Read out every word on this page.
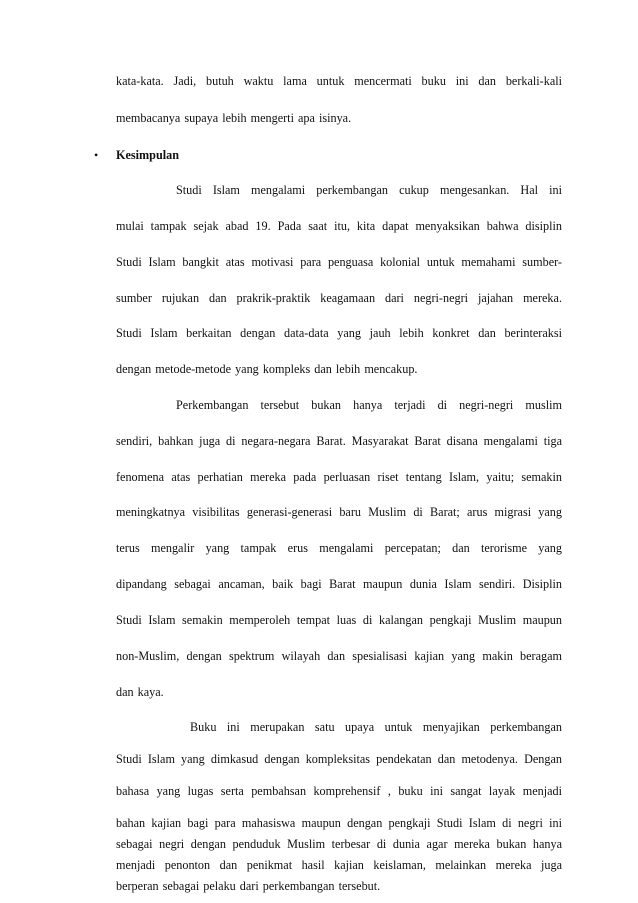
kata-kata. Jadi, butuh waktu lama untuk mencermati buku ini dan berkali-kali
membacanya supaya lebih mengerti apa isinya.
• Kesimpulan
Studi Islam mengalami perkembangan cukup mengesankan. Hal ini
mulai tampak sejak abad 19. Pada saat itu, kita dapat menyaksikan bahwa disiplin
Studi Islam bangkit atas motivasi para penguasa kolonial untuk memahami sumber-
sumber rujukan dan prakrik-praktik keagamaan dari negri-negri jajahan mereka.
Studi Islam berkaitan dengan data-data yang jauh lebih konkret dan berinteraksi
dengan metode-metode yang kompleks dan lebih mencakup.
Perkembangan tersebut bukan hanya terjadi di negri-negri muslim
sendiri, bahkan juga di negara-negara Barat. Masyarakat Barat disana mengalami tiga
fenomena atas perhatian mereka pada perluasan riset tentang Islam, yaitu; semakin
meningkatnya visibilitas generasi-generasi baru Muslim di Barat; arus migrasi yang
terus mengalir yang tampak erus mengalami percepatan; dan terorisme yang
dipandang sebagai ancaman, baik bagi Barat maupun dunia Islam sendiri. Disiplin
Studi Islam semakin memperoleh tempat luas di kalangan pengkaji Muslim maupun
non-Muslim, dengan spektrum wilayah dan spesialisasi kajian yang makin beragam
dan kaya.
Buku ini merupakan satu upaya untuk menyajikan perkembangan
Studi Islam yang dimkasud dengan kompleksitas pendekatan dan metodenya. Dengan
bahasa yang lugas serta pembahsan komprehensif , buku ini sangat layak menjadi
bahan kajian bagi para mahasiswa maupun dengan pengkaji Studi Islam di negri ini
sebagai negri dengan penduduk Muslim terbesar di dunia agar mereka bukan hanya
menjadi penonton dan penikmat hasil kajian keislaman, melainkan mereka juga
berperan sebagai pelaku dari perkembangan tersebut.
